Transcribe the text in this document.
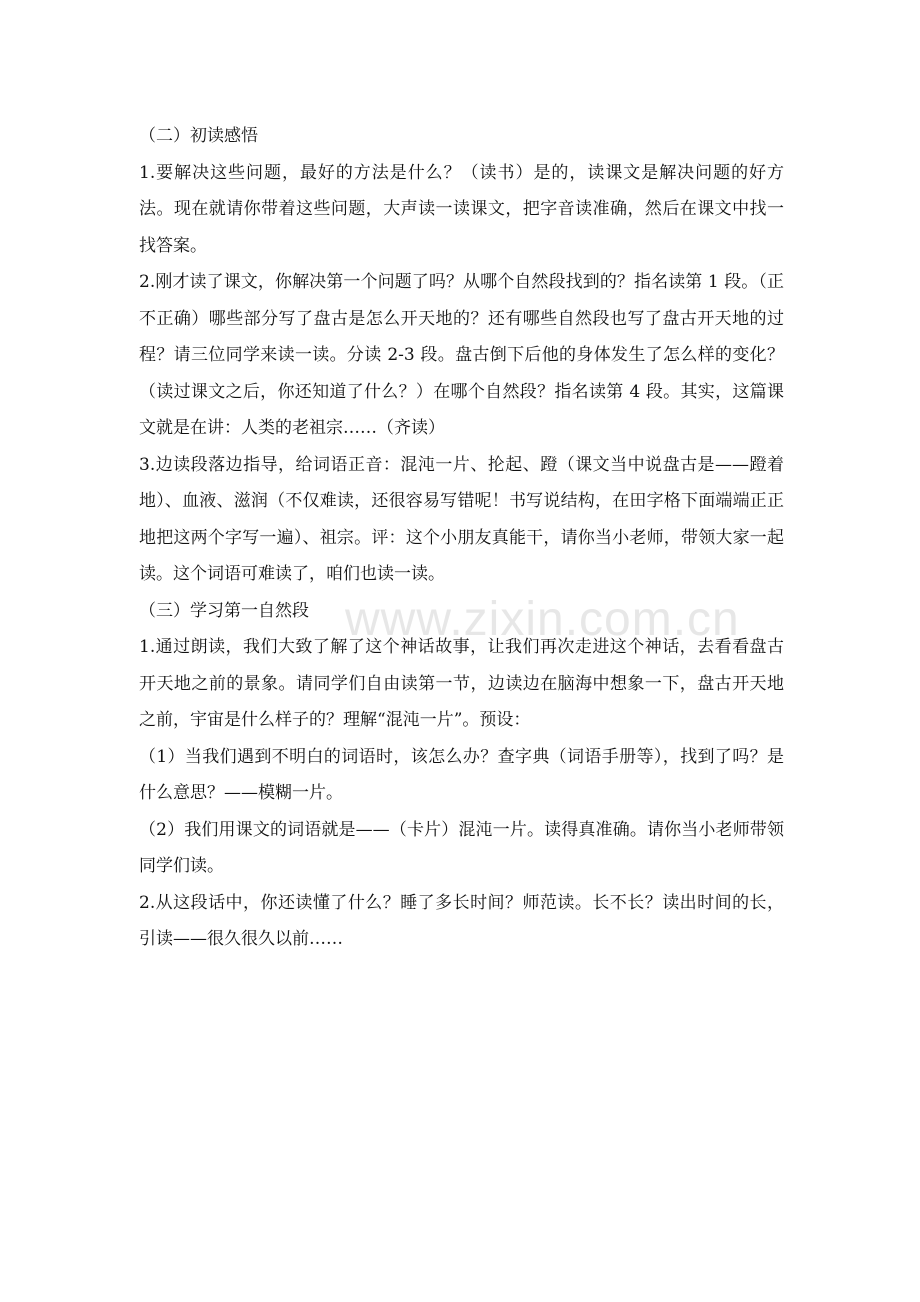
（二）初读感悟

1.要解决这些问题，最好的方法是什么？（读书）是的，读课文是解决问题的好方法。现在就请你带着这些问题，大声读一读课文，把字音读准确，然后在课文中找一找答案。

2.刚才读了课文，你解决第一个问题了吗？从哪个自然段找到的？指名读第 1 段。（正不正确）哪些部分写了盘古是怎么开天地的？还有哪些自然段也写了盘古开天地的过程？请三位同学来读一读。分读 2-3 段。盘古倒下后他的身体发生了怎么样的变化？（读过课文之后，你还知道了什么？）在哪个自然段？指名读第 4 段。其实，这篇课文就是在讲：人类的老祖宗……（齐读）

3.边读段落边指导，给词语正音：混沌一片、抡起、蹬（课文当中说盘古是——蹬着地）、血液、滋润（不仅难读，还很容易写错呢！书写说结构，在田字格下面端端正正地把这两个字写一遍）、祖宗。评：这个小朋友真能干，请你当小老师，带领大家一起读。这个词语可难读了，咱们也读一读。

（三）学习第一自然段

1.通过朗读，我们大致了解了这个神话故事，让我们再次走进这个神话，去看看盘古开天地之前的景象。请同学们自由读第一节，边读边在脑海中想象一下，盘古开天地之前，宇宙是什么样子的？理解“混沌一片”。预设：

（1）当我们遇到不明白的词语时，该怎么办？查字典（词语手册等），找到了吗？是什么意思？——模糊一片。

（2）我们用课文的词语就是——（卡片）混沌一片。读得真准确。请你当小老师带领同学们读。

2.从这段话中，你还读懂了什么？睡了多长时间？师范读。长不长？读出时间的长，引读——很久很久以前……

www.zixin.com.cn
